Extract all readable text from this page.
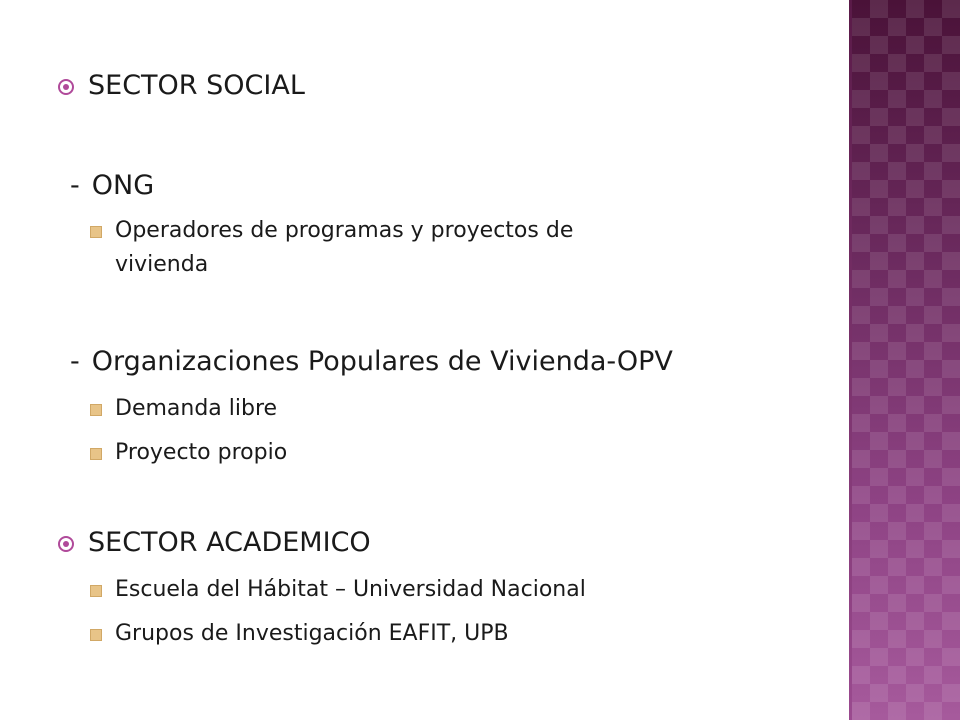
SECTOR SOCIAL
- ONG
Operadores de programas y proyectos de
vivienda
- Organizaciones Populares de Vivienda-OPV
Demanda libre
Proyecto propio
SECTOR ACADEMICO
Escuela del Hábitat – Universidad Nacional
Grupos de Investigación EAFIT, UPB
